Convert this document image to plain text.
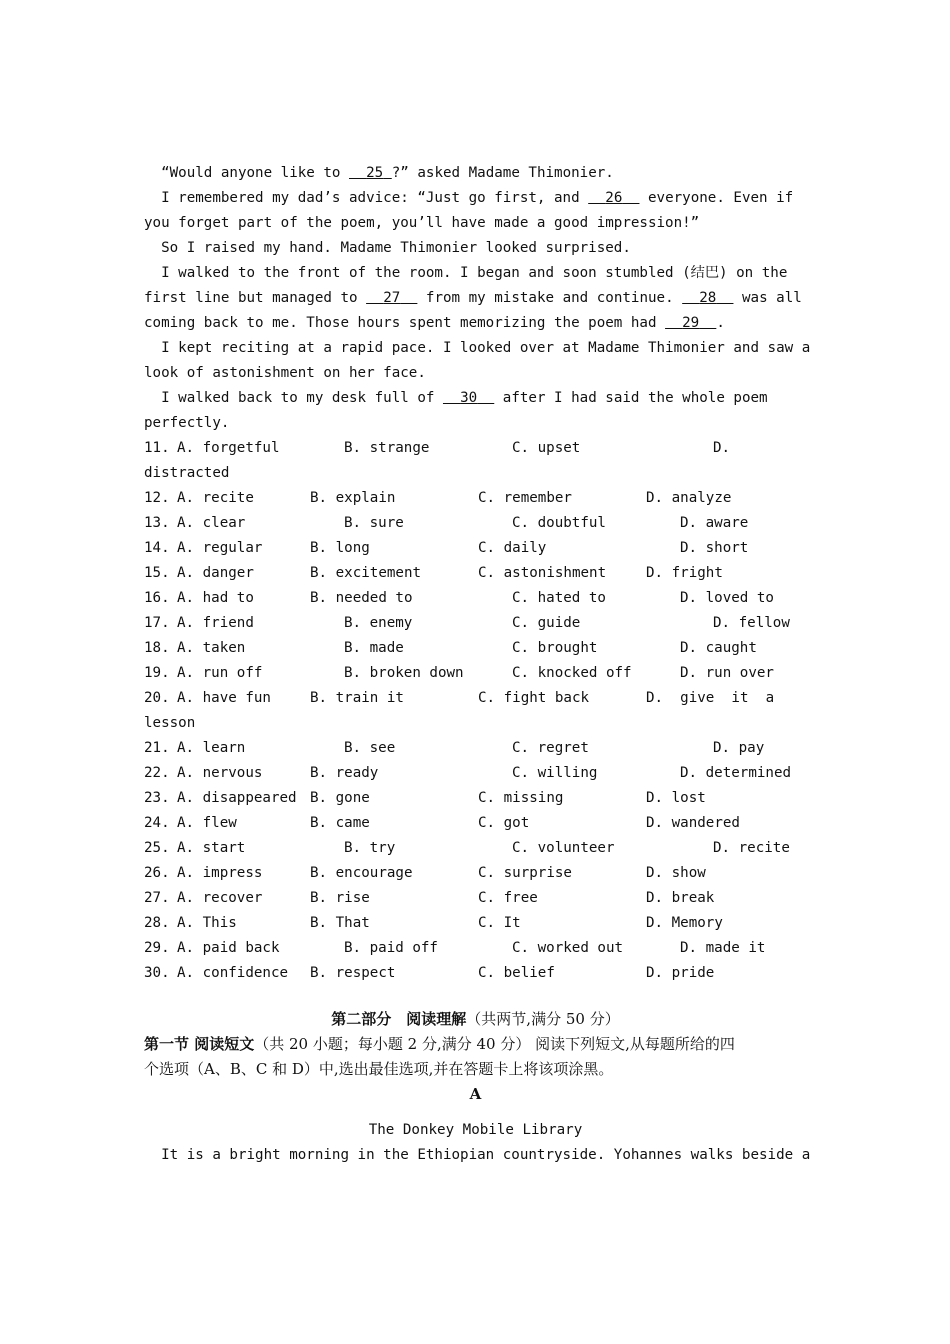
“Would anyone like to   25 ?” asked Madame Thimonier.
I remembered my dad’s advice: “Just go first, and   26   everyone. Even if
you forget part of the poem, you’ll have made a good impression!”
So I raised my hand. Madame Thimonier looked surprised.
I walked to the front of the room. I began and soon stumbled (结巴) on the
first line but managed to   27   from my mistake and continue.   28   was all
coming back to me. Those hours spent memorizing the poem had   29 .
I kept reciting at a rapid pace. I looked over at Madame Thimonier and saw a
look of astonishment on her face.
I walked back to my desk full of   30   after I had said the whole poem
perfectly.
11. A. forgetful	B. strange	C. upset	D.
distracted
12. A. recite	B. explain	C. remember	D. analyze
13. A. clear	B. sure	C. doubtful	D. aware
14. A. regular	B. long	C. daily	D. short
15. A. danger	B. excitement	C. astonishment	D. fright
16. A. had to	B. needed to	C. hated to	D. loved to
17. A. friend	B. enemy	C. guide	D. fellow
18. A. taken	B. made	C. brought	D. caught
19. A. run off	B. broken down	C. knocked off	D. run over
20. A. have fun	B. train it	C. fight back	D.  give  it  a
lesson
21. A. learn	B. see	C. regret	D. pay
22. A. nervous	B. ready	C. willing	D. determined
23. A. disappeared B. gone	C. missing	D. lost
24. A. flew	B. came	C. got	D. wandered
25. A. start	B. try	C. volunteer	D. recite
26. A. impress	B. encourage	C. surprise	D. show
27. A. recover	B. rise	C. free	D. break
28. A. This	B. That	C. It	D. Memory
29. A. paid back	B. paid off	C. worked out	D. made it
30. A. confidence B. respect	C. belief	D. pride
第二部分　阅读理解（共两节,满分 50 分）
第一节 阅读短文（共 20 小题；每小题 2 分,满分 40 分） 阅读下列短文,从每题所给的四
个选项（A、B、C 和 D）中,选出最佳选项,并在答题卡上将该项涂黑。
A
The Donkey Mobile Library
It is a bright morning in the Ethiopian countryside. Yohannes walks beside a
